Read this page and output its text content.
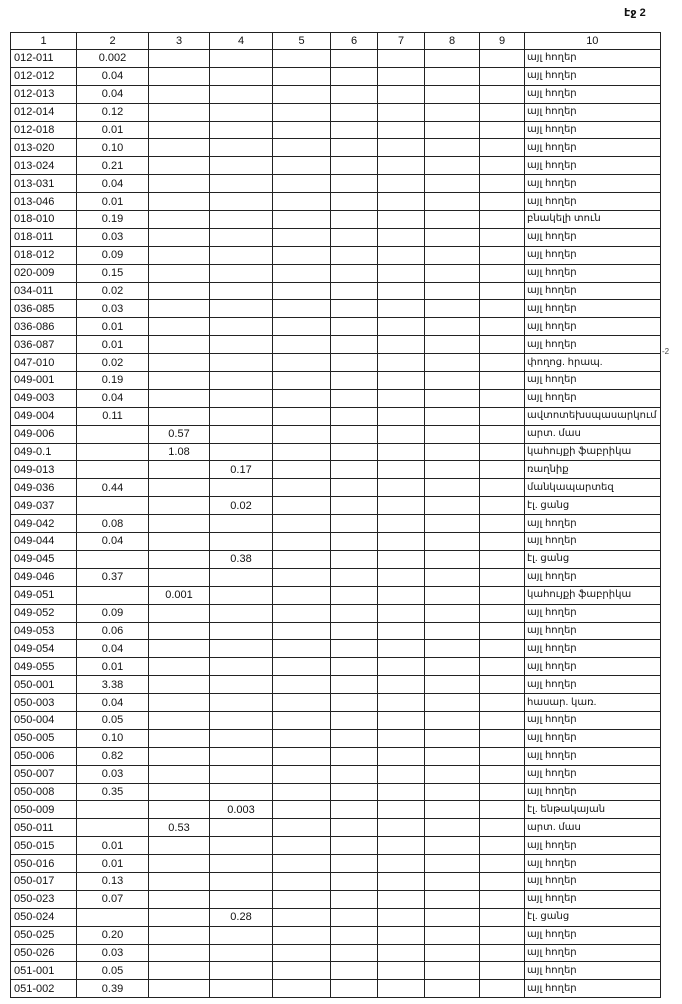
էջ 2
-2
1	2	3	4	5	6	7	8	9	10
012-011	0.002								այլ հողեր
012-012	0.04								այլ հողեր
012-013	0.04								այլ հողեր
012-014	0.12								այլ հողեր
012-018	0.01								այլ հողեր
013-020	0.10								այլ հողեր
013-024	0.21								այլ հողեր
013-031	0.04								այլ հողեր
013-046	0.01								այլ հողեր
018-010	0.19								բնակելի տուն
018-011	0.03								այլ հողեր
018-012	0.09								այլ հողեր
020-009	0.15								այլ հողեր
034-011	0.02								այլ հողեր
036-085	0.03								այլ հողեր
036-086	0.01								այլ հողեր
036-087	0.01								այլ հողեր
047-010	0.02								փողոց. հրապ.
049-001	0.19								այլ հողեր
049-003	0.04								այլ հողեր
049-004	0.11								ավտոտեխսպասարկում
049-006		0.57							արտ. մաս
049-0.1		1.08							կահույքի ֆաբրիկա
049-013			0.17						ռաղնիք
049-036	0.44								մանկապարտեզ
049-037			0.02						էլ. ցանց
049-042	0.08								այլ հողեր
049-044	0.04								այլ հողեր
049-045			0.38						էլ. ցանց
049-046	0.37								այլ հողեր
049-051		0.001							կահույքի ֆաբրիկա
049-052	0.09								այլ հողեր
049-053	0.06								այլ հողեր
049-054	0.04								այլ հողեր
049-055	0.01								այլ հողեր
050-001	3.38								այլ հողեր
050-003	0.04								հասար. կառ.
050-004	0.05								այլ հողեր
050-005	0.10								այլ հողեր
050-006	0.82								այլ հողեր
050-007	0.03								այլ հողեր
050-008	0.35								այլ հողեր
050-009			0.003						էլ. ենթակայան
050-011		0.53							արտ. մաս
050-015	0.01								այլ հողեր
050-016	0.01								այլ հողեր
050-017	0.13								այլ հողեր
050-023	0.07								այլ հողեր
050-024			0.28						էլ. ցանց
050-025	0.20								այլ հողեր
050-026	0.03								այլ հողեր
051-001	0.05								այլ հողեր
051-002	0.39								այլ հողեր
